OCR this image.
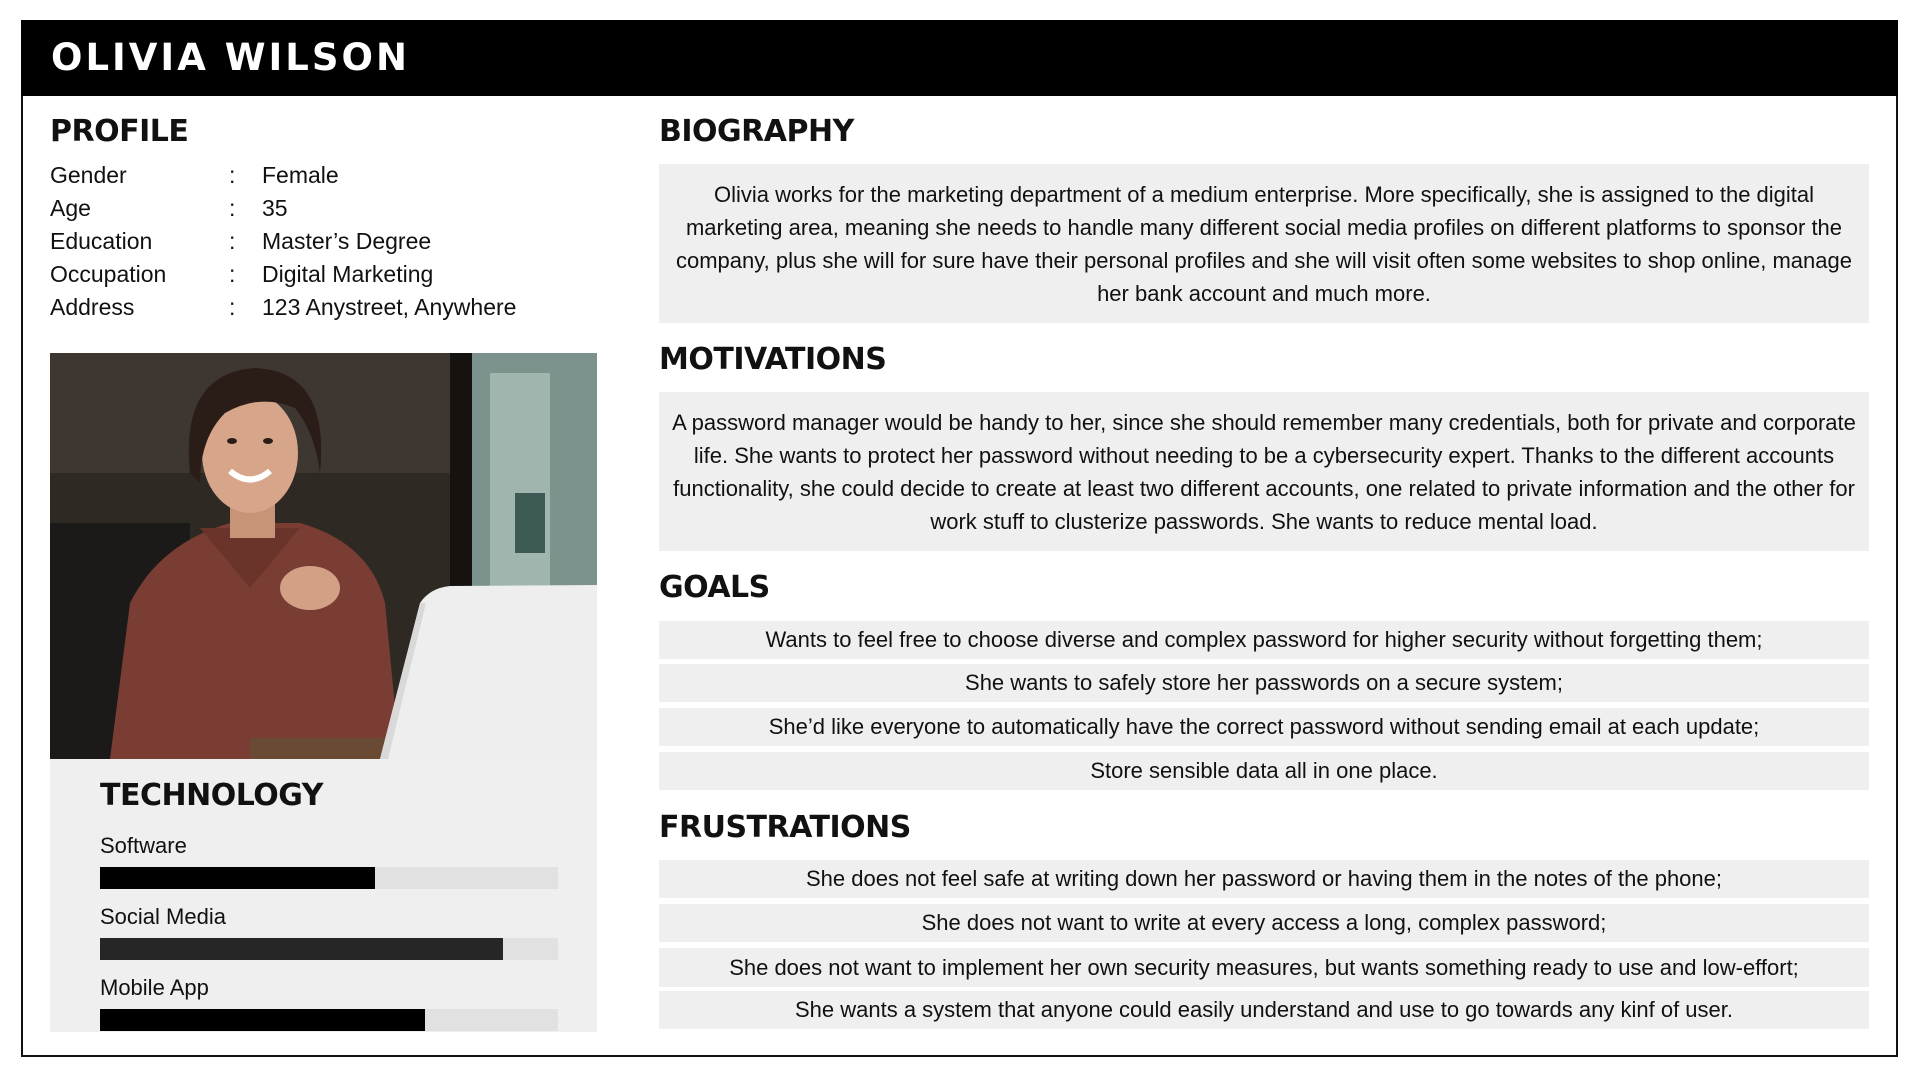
OLIVIA WILSON
PROFILE
Gender	: Female
Age	: 35
Education	: Master’s Degree
Occupation	: Digital Marketing
Address	: 123 Anystreet, Anywhere
TECHNOLOGY
Software
Social Media
Mobile App
BIOGRAPHY
Olivia works for the marketing department of a medium enterprise. More specifically, she is assigned to the digital marketing area, meaning she needs to handle many different social media profiles on different platforms to sponsor the company, plus she will for sure have their personal profiles and she will visit often some websites to shop online, manage her bank account and much more.
MOTIVATIONS
A password manager would be handy to her, since she should remember many credentials, both for private and corporate life. She wants to protect her password without needing to be a cybersecurity expert. Thanks to the different accounts functionality, she could decide to create at least two different accounts, one related to private information and the other for work stuff to clusterize passwords. She wants to reduce mental load.
GOALS
Wants to feel free to choose diverse and complex password for higher security without forgetting them;
She wants to safely store her passwords on a secure system;
She’d like everyone to automatically have the correct password without sending email at each update;
Store sensible data all in one place.
FRUSTRATIONS
She does not feel safe at writing down her password or having them in the notes of the phone;
She does not want to write at every access a long, complex password;
She does not want to implement her own security measures, but wants something ready to use and low-effort;
She wants a system that anyone could easily understand and use to go towards any kinf of user.
